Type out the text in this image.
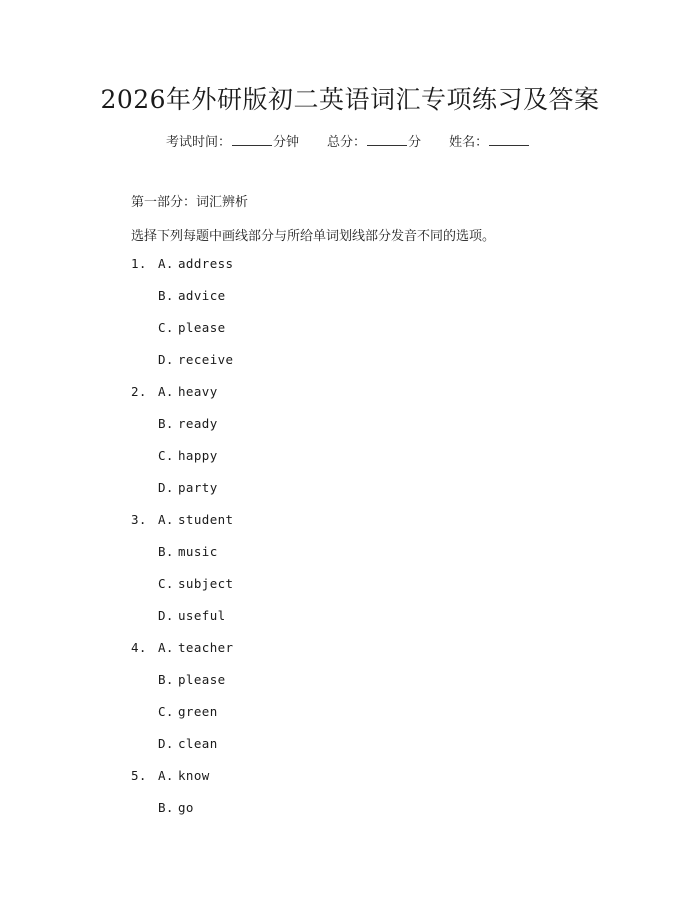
2026年外研版初二英语词汇专项练习及答案
考试时间：	分钟 总分：	分 姓名：
第一部分：词汇辨析
选择下列每题中画线部分与所给单词划线部分发音不同的选项。
1. A. address
B. advice
C. please
D. receive
2. A. heavy
B. ready
C. happy
D. party
3. A. student
B. music
C. subject
D. useful
4. A. teacher
B. please
C. green
D. clean
5. A. know
B. go
